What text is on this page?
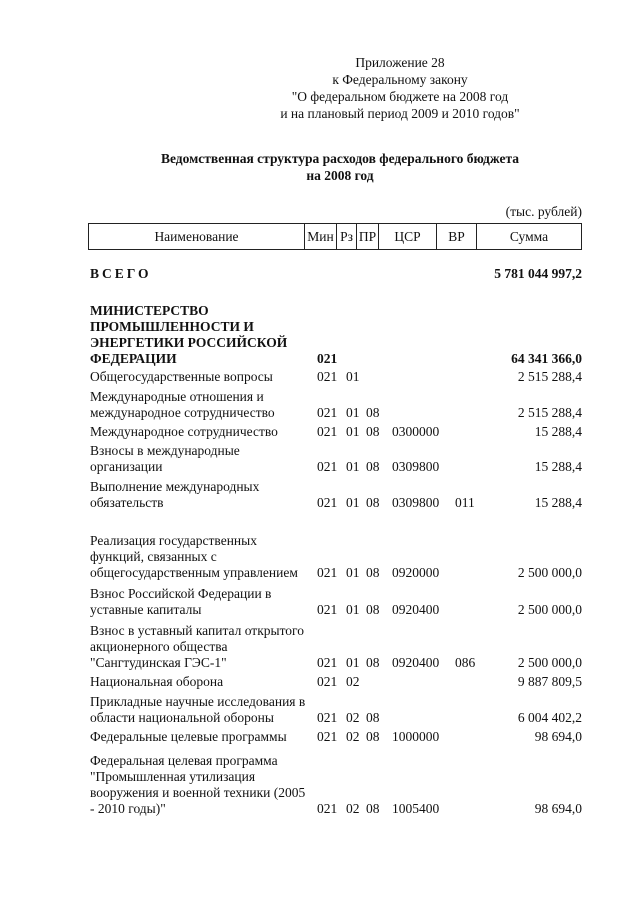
Приложение 28
к Федеральному закону
"О федеральном бюджете на 2008 год
и на плановый период 2009 и 2010 годов"
Ведомственная структура расходов федерального бюджета
на 2008 год
(тыс. рублей)
Наименование	Мин Рз ПР	ЦСР	ВР	Сумма
ВСЕГО	5 781 044 997,2
МИНИСТЕРСТВО ПРОМЫШЛЕННОСТИ И ЭНЕРГЕТИКИ РОССИЙСКОЙ ФЕДЕРАЦИИ	021	64 341 366,0
Общегосударственные вопросы	021 01	2 515 288,4
Международные отношения и международное сотрудничество	021 01 08	2 515 288,4
Международное сотрудничество	021 01 08 0300000	15 288,4
Взносы в международные организации	021 01 08 0309800	15 288,4
Выполнение международных обязательств	021 01 08 0309800 011	15 288,4
Реализация государственных функций, связанных с общегосударственным управлением	021 01 08 0920000	2 500 000,0
Взнос Российской Федерации в уставные капиталы	021 01 08 0920400	2 500 000,0
Взнос в уставный капитал открытого акционерного общества "Сангтудинская ГЭС-1"	021 01 08 0920400 086	2 500 000,0
Национальная оборона	021 02	9 887 809,5
Прикладные научные исследования в области национальной обороны	021 02 08	6 004 402,2
Федеральные целевые программы	021 02 08 1000000	98 694,0
Федеральная целевая программа "Промышленная утилизация вооружения и военной техники (2005 - 2010 годы)"	021 02 08 1005400	98 694,0
